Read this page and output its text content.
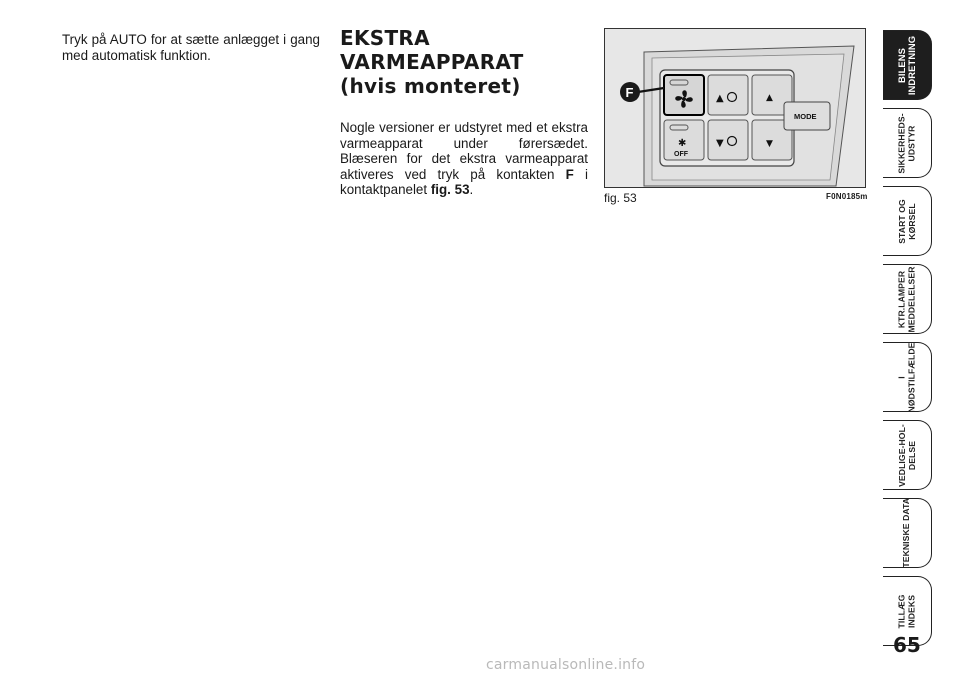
Tryk på AUTO for at sætte anlægget i gang med automatisk funktion.
EKSTRA
VARMEAPPARAT
(hvis monteret)
Nogle versioner er udstyret med et ekstra varmeapparat under førersædet. Blæseren for det ekstra varmeapparat aktiveres ved tryk på kontakten F i kontaktpanelet fig. 53.
▲	▲
✱
OFF
▼	▼
MODE
F
fig. 53	F0N0185m
BILENS
INDRETNING
SIKKERHEDS-
UDSTYR
START OG
KØRSEL
KTR.LAMPER
MEDDELELSER
I
NØDSTILFÆLDE
VEDLIGE-HOL-
DELSE
TEKNISKE DATA
TILLÆG
INDEKS
65
carmanualsonline.info
